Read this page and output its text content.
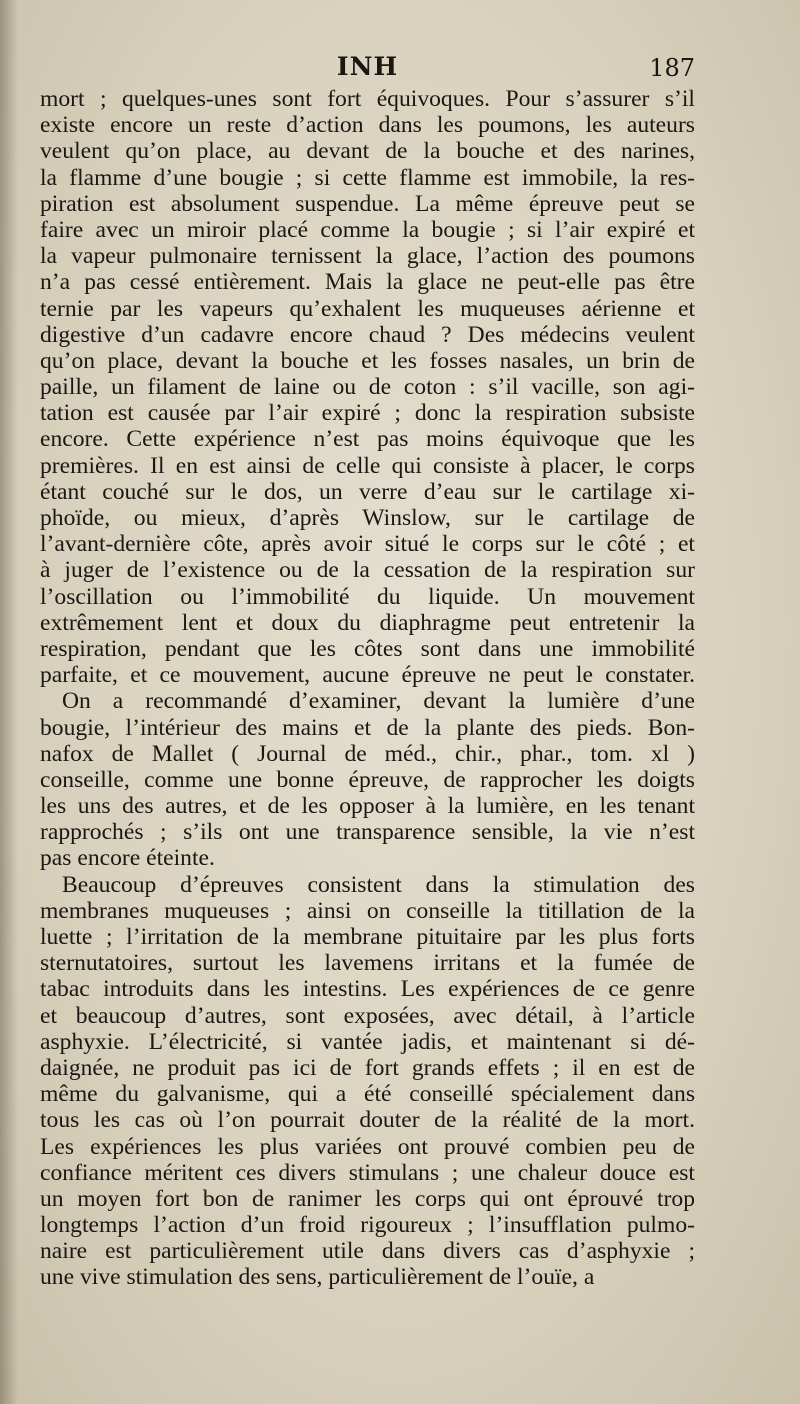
INH	187
mort ; quelques-unes sont fort équivoques. Pour s’assurer s’il
existe encore un reste d’action dans les poumons, les auteurs
veulent qu’on place, au devant de la bouche et des narines,
la flamme d’une bougie ; si cette flamme est immobile, la res-
piration est absolument suspendue. La même épreuve peut se
faire avec un miroir placé comme la bougie ; si l’air expiré et
la vapeur pulmonaire ternissent la glace, l’action des poumons
n’a pas cessé entièrement. Mais la glace ne peut-elle pas être
ternie par les vapeurs qu’exhalent les muqueuses aérienne et
digestive d’un cadavre encore chaud ? Des médecins veulent
qu’on place, devant la bouche et les fosses nasales, un brin de
paille, un filament de laine ou de coton : s’il vacille, son agi-
tation est causée par l’air expiré ; donc la respiration subsiste
encore. Cette expérience n’est pas moins équivoque que les
premières. Il en est ainsi de celle qui consiste à placer, le corps
étant couché sur le dos, un verre d’eau sur le cartilage xi-
phoïde, ou mieux, d’après Winslow, sur le cartilage de
l’avant-dernière côte, après avoir situé le corps sur le côté ; et
à juger de l’existence ou de la cessation de la respiration sur
l’oscillation ou l’immobilité du liquide. Un mouvement
extrêmement lent et doux du diaphragme peut entretenir la
respiration, pendant que les côtes sont dans une immobilité
parfaite, et ce mouvement, aucune épreuve ne peut le constater.
On a recommandé d’examiner, devant la lumière d’une
bougie, l’intérieur des mains et de la plante des pieds. Bon-
nafox de Mallet ( Journal de méd., chir., phar., tom. xl )
conseille, comme une bonne épreuve, de rapprocher les doigts
les uns des autres, et de les opposer à la lumière, en les tenant
rapprochés ; s’ils ont une transparence sensible, la vie n’est
pas encore éteinte.
Beaucoup d’épreuves consistent dans la stimulation des
membranes muqueuses ; ainsi on conseille la titillation de la
luette ; l’irritation de la membrane pituitaire par les plus forts
sternutatoires, surtout les lavemens irritans et la fumée de
tabac introduits dans les intestins. Les expériences de ce genre
et beaucoup d’autres, sont exposées, avec détail, à l’article
asphyxie. L’électricité, si vantée jadis, et maintenant si dé-
daignée, ne produit pas ici de fort grands effets ; il en est de
même du galvanisme, qui a été conseillé spécialement dans
tous les cas où l’on pourrait douter de la réalité de la mort.
Les expériences les plus variées ont prouvé combien peu de
confiance méritent ces divers stimulans ; une chaleur douce est
un moyen fort bon de ranimer les corps qui ont éprouvé trop
longtemps l’action d’un froid rigoureux ; l’insufflation pulmo-
naire est particulièrement utile dans divers cas d’asphyxie ;
une vive stimulation des sens, particulièrement de l’ouïe, a
